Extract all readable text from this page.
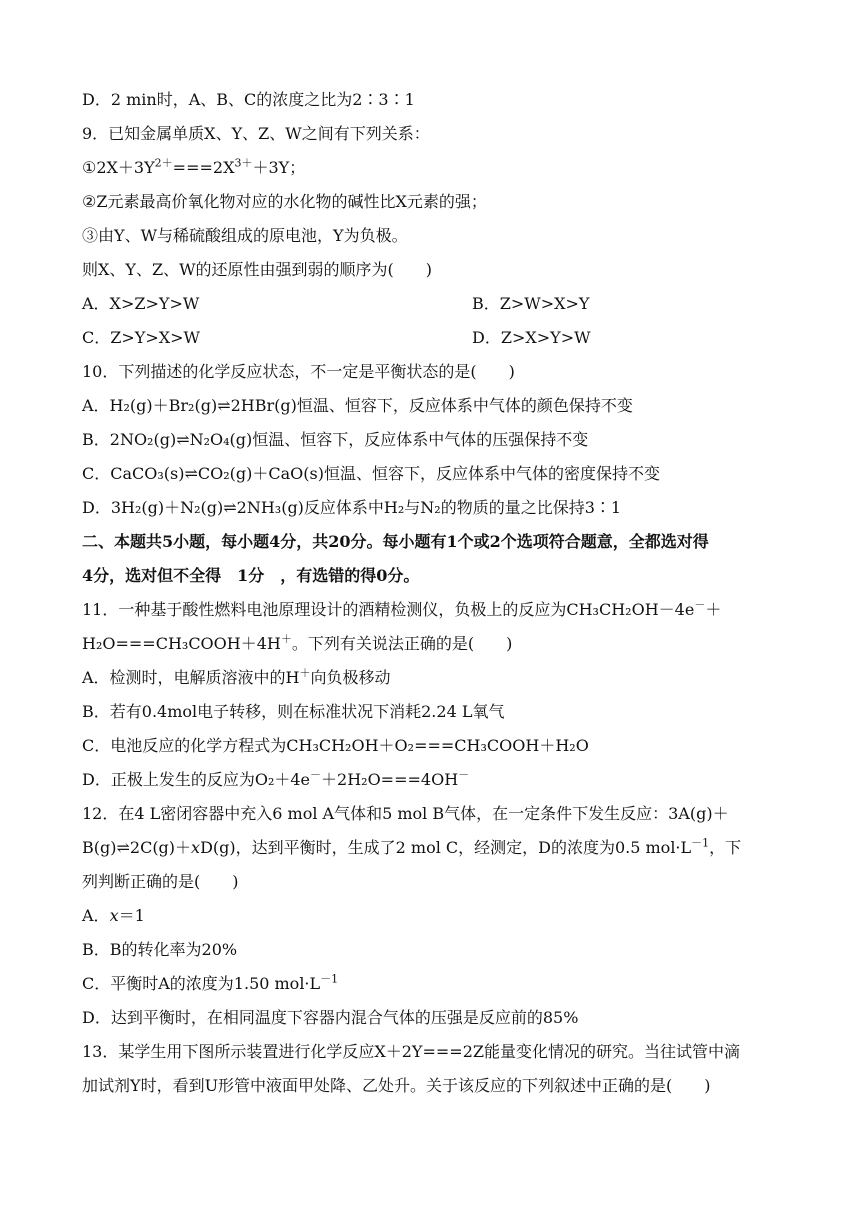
D．2 min时，A、B、C的浓度之比为2∶3∶1
9．已知金属单质X、Y、Z、W之间有下列关系：
$①2X+3Y^{2+}===2X^{3+}+3Y$；
②Z元素最高价氧化物对应的水化物的碱性比X元素的强；
③由Y、W与稀硫酸组成的原电池，Y为负极。
则X、Y、Z、W的还原性由强到弱的顺序为(　　)
A．X>Z>Y>W	B．Z>W>X>Y
C．Z>Y>X>W	D．Z>X>Y>W
10．下列描述的化学反应状态，不一定是平衡状态的是(　　)
A．H₂(g)＋Br₂(g)⇌2HBr(g)恒温、恒容下，反应体系中气体的颜色保持不变
B．2NO₂(g)⇌N₂O₄(g)恒温、恒容下，反应体系中气体的压强保持不变
C．CaCO₃(s)⇌CO₂(g)＋CaO(s)恒温、恒容下，反应体系中气体的密度保持不变
D．3H₂(g)＋N₂(g)⇌2NH₃(g)反应体系中H₂与N₂的物质的量之比保持3∶1
二、本题共5小题，每小题4分，共20分。每小题有1个或2个选项符合题意，全都选对得
4分，选对但不全得　1分　，有选错的得0分。
11．一种基于酸性燃料电池原理设计的酒精检测仪，负极上的反应为CH₃CH₂OH－4e－＋
H₂O===CH₃COOH＋4H＋。下列有关说法正确的是(　　)
A．检测时，电解质溶液中的H＋向负极移动
B．若有0.4mol电子转移，则在标准状况下消耗2.24 L氧气
C．电池反应的化学方程式为CH₃CH₂OH＋O₂===CH₃COOH＋H₂O
D．正极上发生的反应为O₂＋4e－＋2H₂O===4OH－
12．在4 L密闭容器中充入6 mol A气体和5 mol B气体，在一定条件下发生反应：3A(g)＋
B(g)⇌2C(g)＋xD(g)，达到平衡时，生成了2 mol C，经测定，D的浓度为0.5 $mol\cdot L^{-1}$，下
列判断正确的是(　　)
A．x＝1
B．B的转化率为20%
C．平衡时A的浓度为1.50 $mol\cdot L^{-1}$
D．达到平衡时，在相同温度下容器内混合气体的压强是反应前的85%
13．某学生用下图所示装置进行化学反应X＋2Y===2Z能量变化情况的研究。当往试管中滴
加试剂Y时，看到U形管中液面甲处降、乙处升。关于该反应的下列叙述中正确的是(　　)
